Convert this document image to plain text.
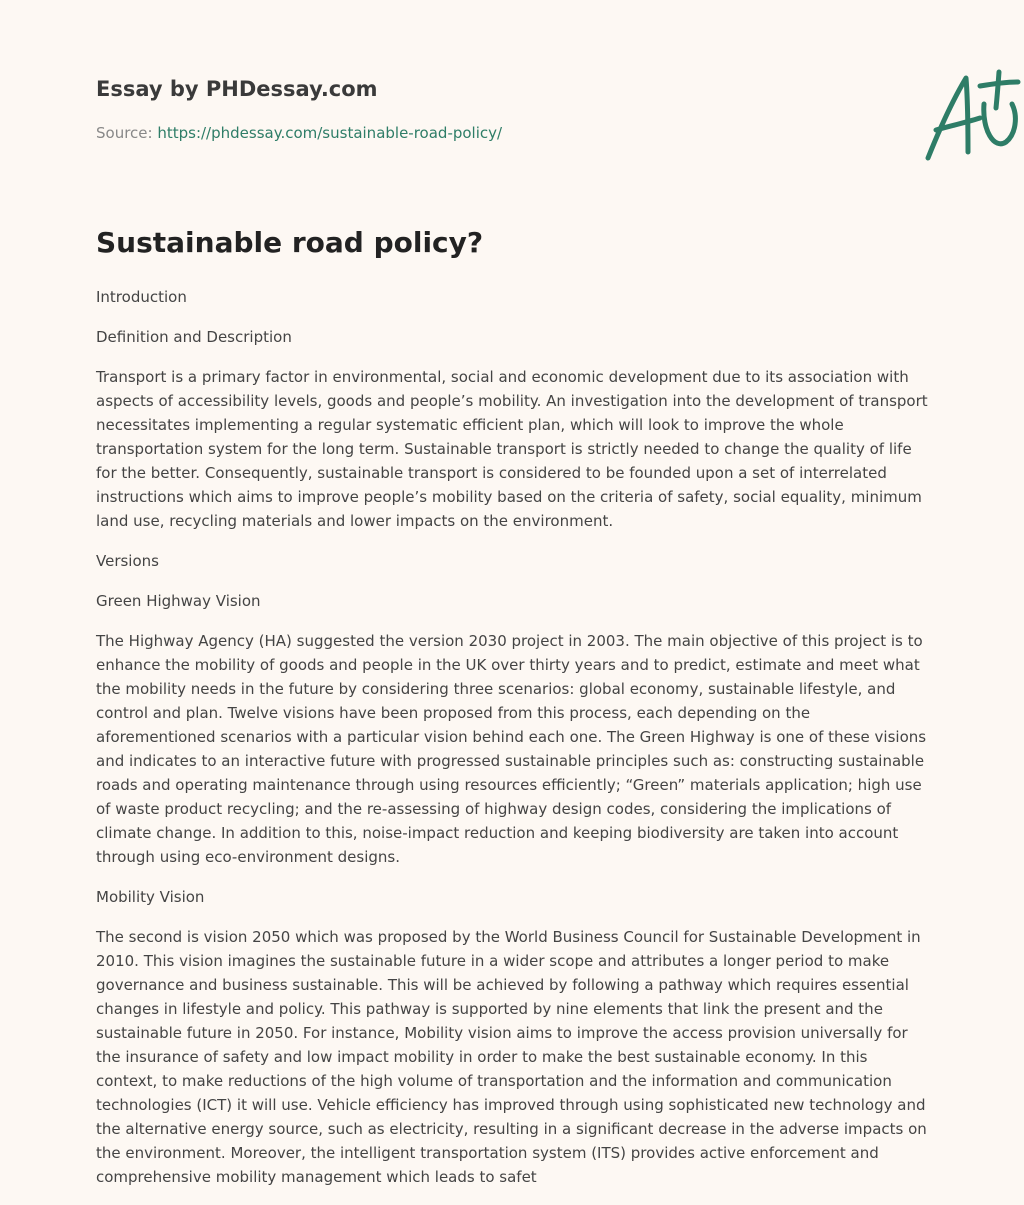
Essay by PHDessay.com
Source: https://phdessay.com/sustainable-road-policy/
Sustainable road policy?

Introduction

Definition and Description

Transport is a primary factor in environmental, social and economic development due to its association with aspects of accessibility levels, goods and people’s mobility. An investigation into the development of transport necessitates implementing a regular systematic efficient plan, which will look to improve the whole transportation system for the long term. Sustainable transport is strictly needed to change the quality of life for the better. Consequently, sustainable transport is considered to be founded upon a set of interrelated instructions which aims to improve people’s mobility based on the criteria of safety, social equality, minimum land use, recycling materials and lower impacts on the environment.

Versions

Green Highway Vision

The Highway Agency (HA) suggested the version 2030 project in 2003. The main objective of this project is to enhance the mobility of goods and people in the UK over thirty years and to predict, estimate and meet what the mobility needs in the future by considering three scenarios: global economy, sustainable lifestyle, and control and plan. Twelve visions have been proposed from this process, each depending on the aforementioned scenarios with a particular vision behind each one. The Green Highway is one of these visions and indicates to an interactive future with progressed sustainable principles such as: constructing sustainable roads and operating maintenance through using resources efficiently; “Green” materials application; high use of waste product recycling; and the re-assessing of highway design codes, considering the implications of climate change. In addition to this, noise-impact reduction and keeping biodiversity are taken into account through using eco-environment designs.

Mobility Vision

The second is vision 2050 which was proposed by the World Business Council for Sustainable Development in 2010. This vision imagines the sustainable future in a wider scope and attributes a longer period to make governance and business sustainable. This will be achieved by following a pathway which requires essential changes in lifestyle and policy. This pathway is supported by nine elements that link the present and the sustainable future in 2050. For instance, Mobility vision aims to improve the access provision universally for the insurance of safety and low impact mobility in order to make the best sustainable economy. In this context, to make reductions of the high volume of transportation and the information and communication technologies (ICT) it will use. Vehicle efficiency has improved through using sophisticated new technology and the alternative energy source, such as electricity, resulting in a significant decrease in the adverse impacts on the environment. Moreover, the intelligent transportation system (ITS) provides active enforcement and comprehensive mobility management which leads to safet
